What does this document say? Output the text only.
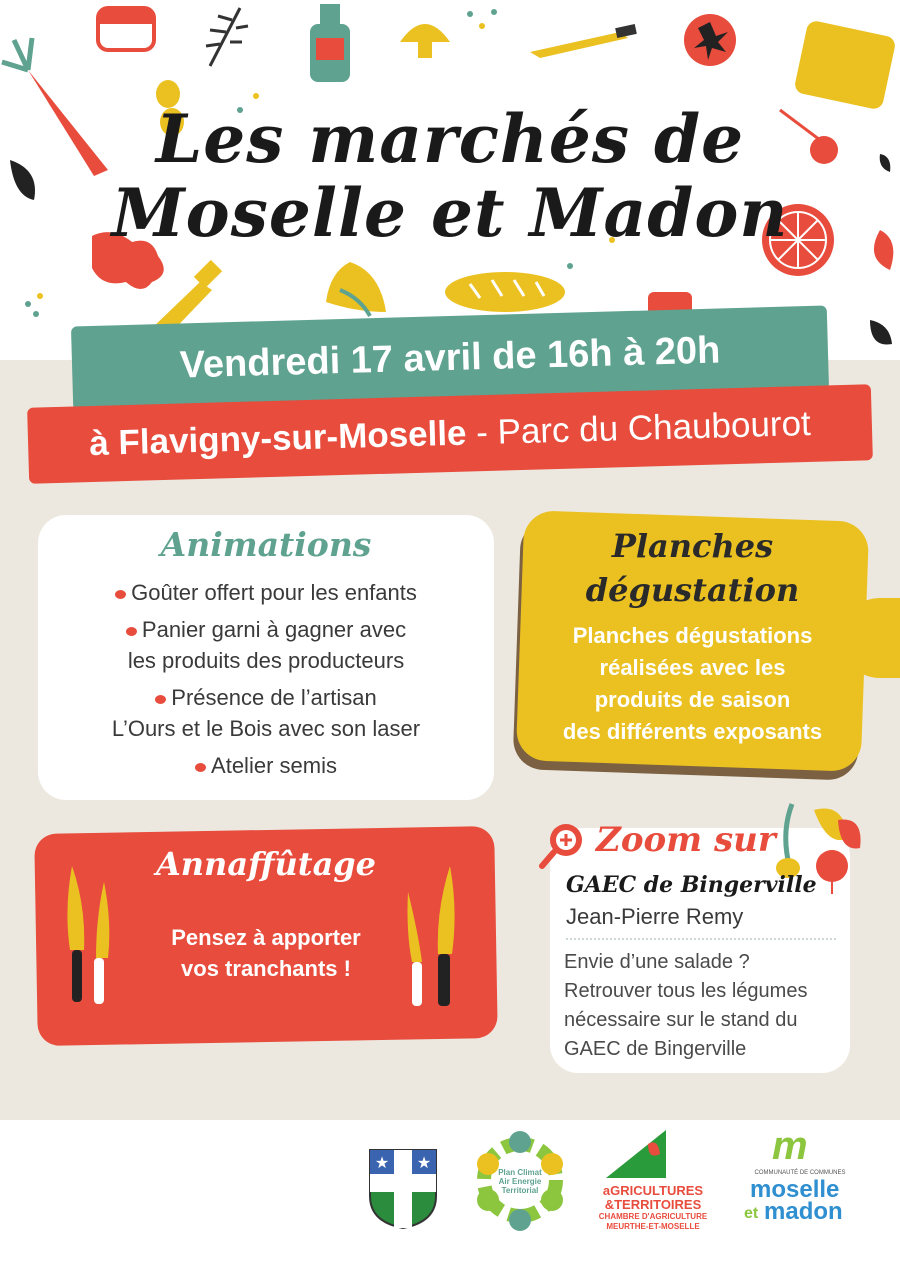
Les marchés de
Moselle et Madon
Vendredi 17 avril de 16h à 20h
à Flavigny-sur-Moselle - Parc du Chaubourot
Animations
Goûter offert pour les enfants
Panier garni à gagner avec
les produits des producteurs
Présence de l’artisan
L’Ours et le Bois avec son laser
Atelier semis
Planches
dégustation
Planches dégustations
réalisées avec les
produits de saison
des différents exposants
Annaffûtage
Pensez à apporter
vos tranchants !
Zoom sur
GAEC de Bingerville
Jean-Pierre Remy
Envie d’une salade ?
Retrouver tous les légumes
nécessaire sur le stand du
GAEC de Bingerville
★ ★
Plan Climat
Air Energie
Territorial	aGRICULTURES
&TERRITOIRES
CHAMBRE D'AGRICULTURE
MEURTHE-ET-MOSELLE
m
COMMUNAUTÉ DE COMMUNES
moselle
et madon
